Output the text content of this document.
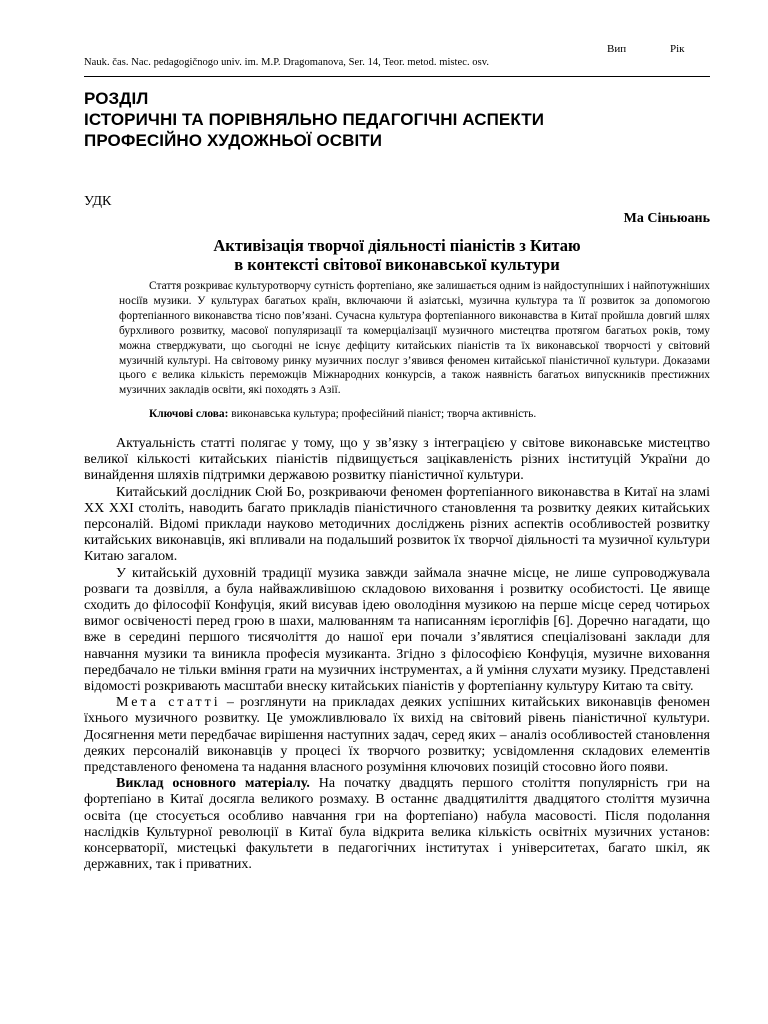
Вип	Рік
Nauk. čas. Nac. pedagogičnogo univ. im. M.P. Dragomanova, Ser. 14, Teor. metod. mistec. osv.
РОЗДІЛ
ІСТОРИЧНІ ТА ПОРІВНЯЛЬНО ПЕДАГОГІЧНІ АСПЕКТИ
ПРОФЕСІЙНО ХУДОЖНЬОЇ ОСВІТИ
УДК
Ма Сіньюань
Активізація творчої діяльності піаністів з Китаю
в контексті світової виконавської культури
Стаття розкриває культуротворчу сутність фортепіано, яке залишається одним із найдоступніших і найпотужніших носіїв музики. У культурах багатьох країн, включаючи й азіатські, музична культура та її розвиток за допомогою фортепіанного виконавства тісно пов’язані. Сучасна культура фортепіанного виконавства в Китаї пройшла довгий шлях бурхливого розвитку, масової популяризації та комерціалізації музичного мистецтва протягом багатьох років, тому можна стверджувати, що сьогодні не існує дефіциту китайських піаністів та їх виконавської творчості у світовий музичній культурі. На світовому ринку музичних послуг з’явився феномен китайської піаністичної культури. Доказами цього є велика кількість переможців Міжнародних конкурсів, а також наявність багатьох випускників престижних музичних закладів освіти, які походять з Азії.
Ключові слова: виконавська культура; професійний піаніст; творча активність.

Актуальність статті полягає у тому, що у зв’язку з інтеграцією у світове виконавське мистецтво великої кількості китайських піаністів підвищується зацікавленість різних інституцій України до винайдення шляхів підтримки державою розвитку піаністичної культури.

Китайський дослідник Сюй Бо, розкриваючи феномен фортепіанного виконавства в Китаї на зламі XX XXI століть, наводить багато прикладів піаністичного становлення та розвитку деяких китайських персоналій. Відомі приклади науково методичних досліджень різних аспектів особливостей розвитку китайських виконавців, які впливали на подальший розвиток їх творчої діяльності та музичної культури Китаю загалом.

У китайській духовній традиції музика завжди займала значне місце, не лише супроводжувала розваги та дозвілля, а була найважливішою складовою виховання і розвитку особистості. Це явище сходить до філософії Конфуція, який висував ідею оволодіння музикою на перше місце серед чотирьох вимог освіченості перед грою в шахи, малюванням та написанням ієрогліфів [6]. Доречно нагадати, що вже в середині першого тисячоліття до нашої ери почали з’являтися спеціалізовані заклади для навчання музики та виникла професія музиканта. Згідно з філософією Конфуція, музичне виховання передбачало не тільки вміння грати на музичних інструментах, а й уміння слухати музику. Представлені відомості розкривають масштаби внеску китайських піаністів у фортепіанну культуру Китаю та світу.

Мета статті – розглянути на прикладах деяких успішних китайських виконавців феномен їхнього музичного розвитку. Це уможливлювало їх вихід на світовий рівень піаністичної культури. Досягнення мети передбачає вирішення наступних задач, серед яких – аналіз особливостей становлення деяких персоналій виконавців у процесі їх творчого розвитку; усвідомлення складових елементів представленого феномена та надання власного розуміння ключових позицій стосовно його появи.

Виклад основного матеріалу. На початку двадцять першого століття популярність гри на фортепіано в Китаї досягла великого розмаху. В останнє двадцятиліття двадцятого століття музична освіта (це стосується особливо навчання гри на фортепіано) набула масовості. Після подолання наслідків Культурної революції в Китаї була відкрита велика кількість освітніх музичних установ: консерваторії, мистецькі факультети в педагогічних інститутах і університетах, багато шкіл, як державних, так і приватних.
